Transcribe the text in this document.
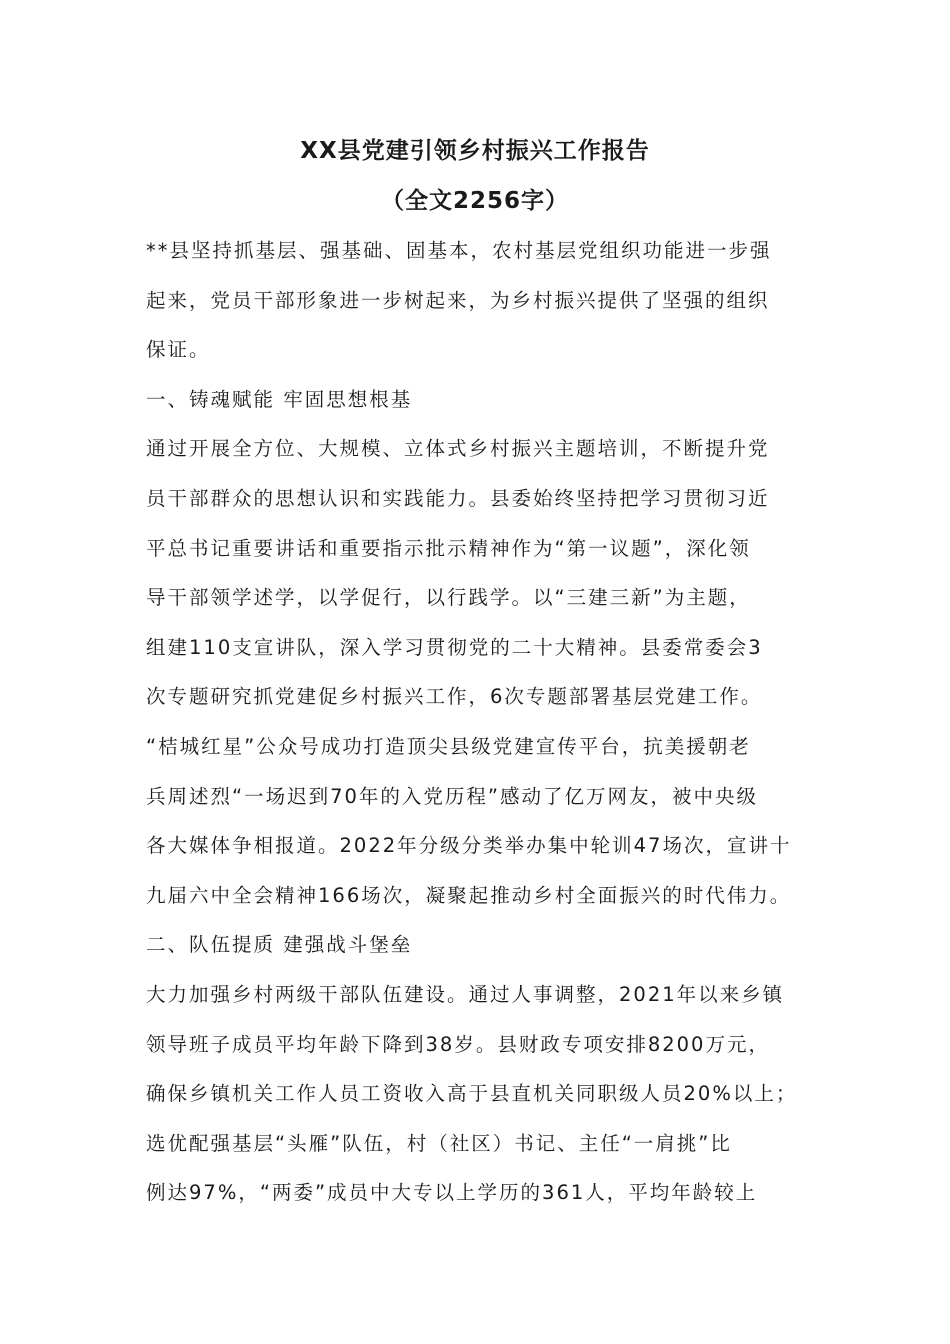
XX县党建引领乡村振兴工作报告
（全文2256字）
**县坚持抓基层、强基础、固基本，农村基层党组织功能进一步强
起来，党员干部形象进一步树起来，为乡村振兴提供了坚强的组织
保证。
一、铸魂赋能 牢固思想根基
通过开展全方位、大规模、立体式乡村振兴主题培训，不断提升党
员干部群众的思想认识和实践能力。县委始终坚持把学习贯彻习近
平总书记重要讲话和重要指示批示精神作为“第一议题”，深化领
导干部领学述学，以学促行，以行践学。以“三建三新”为主题，
组建110支宣讲队，深入学习贯彻党的二十大精神。县委常委会3
次专题研究抓党建促乡村振兴工作，6次专题部署基层党建工作。
“桔城红星”公众号成功打造顶尖县级党建宣传平台，抗美援朝老
兵周述烈“一场迟到70年的入党历程”感动了亿万网友，被中央级
各大媒体争相报道。2022年分级分类举办集中轮训47场次，宣讲十
九届六中全会精神166场次，凝聚起推动乡村全面振兴的时代伟力。
二、队伍提质 建强战斗堡垒
大力加强乡村两级干部队伍建设。通过人事调整，2021年以来乡镇
领导班子成员平均年龄下降到38岁。县财政专项安排8200万元，
确保乡镇机关工作人员工资收入高于县直机关同职级人员20%以上；
选优配强基层“头雁”队伍，村（社区）书记、主任“一肩挑”比
例达97%，“两委”成员中大专以上学历的361人，平均年龄较上
